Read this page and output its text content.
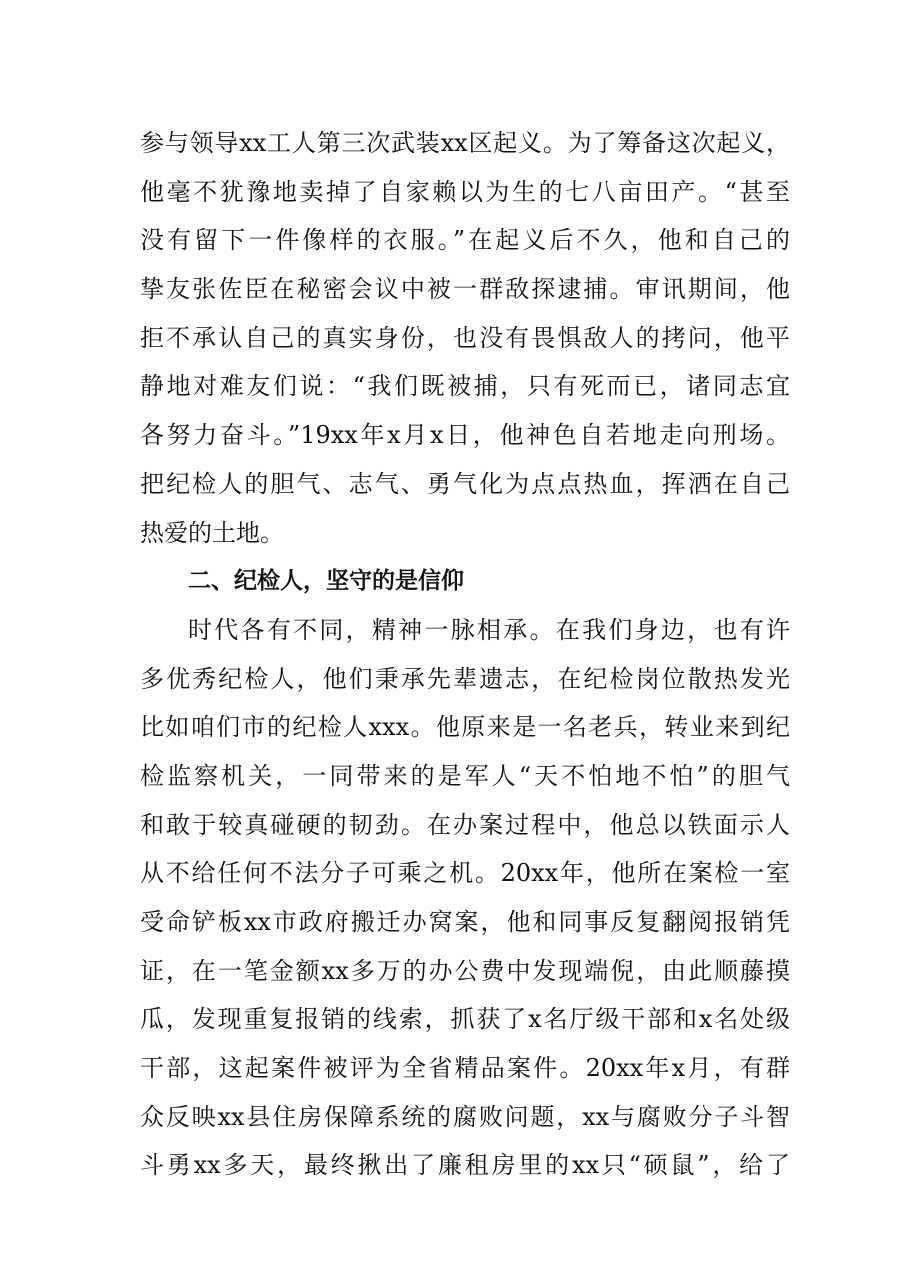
参与领导xx工人第三次武装xx区起义。为了筹备这次起义，
他毫不犹豫地卖掉了自家赖以为生的七八亩田产。“甚至
没有留下一件像样的衣服。”在起义后不久，他和自己的
挚友张佐臣在秘密会议中被一群敌探逮捕。审讯期间，他
拒不承认自己的真实身份，也没有畏惧敌人的拷问，他平
静地对难友们说：“我们既被捕，只有死而已，诸同志宜
各努力奋斗。”19xx年x月x日，他神色自若地走向刑场。
把纪检人的胆气、志气、勇气化为点点热血，挥洒在自己
热爱的土地。
二、纪检人，坚守的是信仰
时代各有不同，精神一脉相承。在我们身边，也有许
多优秀纪检人，他们秉承先辈遗志，在纪检岗位散热发光
比如咱们市的纪检人xxx。他原来是一名老兵，转业来到纪
检监察机关，一同带来的是军人“天不怕地不怕”的胆气
和敢于较真碰硬的韧劲。在办案过程中，他总以铁面示人
从不给任何不法分子可乘之机。20xx年，他所在案检一室
受命铲板xx市政府搬迁办窝案，他和同事反复翻阅报销凭
证，在一笔金额xx多万的办公费中发现端倪，由此顺藤摸
瓜，发现重复报销的线索，抓获了x名厅级干部和x名处级
干部，这起案件被评为全省精品案件。20xx年x月，有群
众反映xx县住房保障系统的腐败问题，xx与腐败分子斗智
斗勇xx多天，最终揪出了廉租房里的xx只“硕鼠”，给了
